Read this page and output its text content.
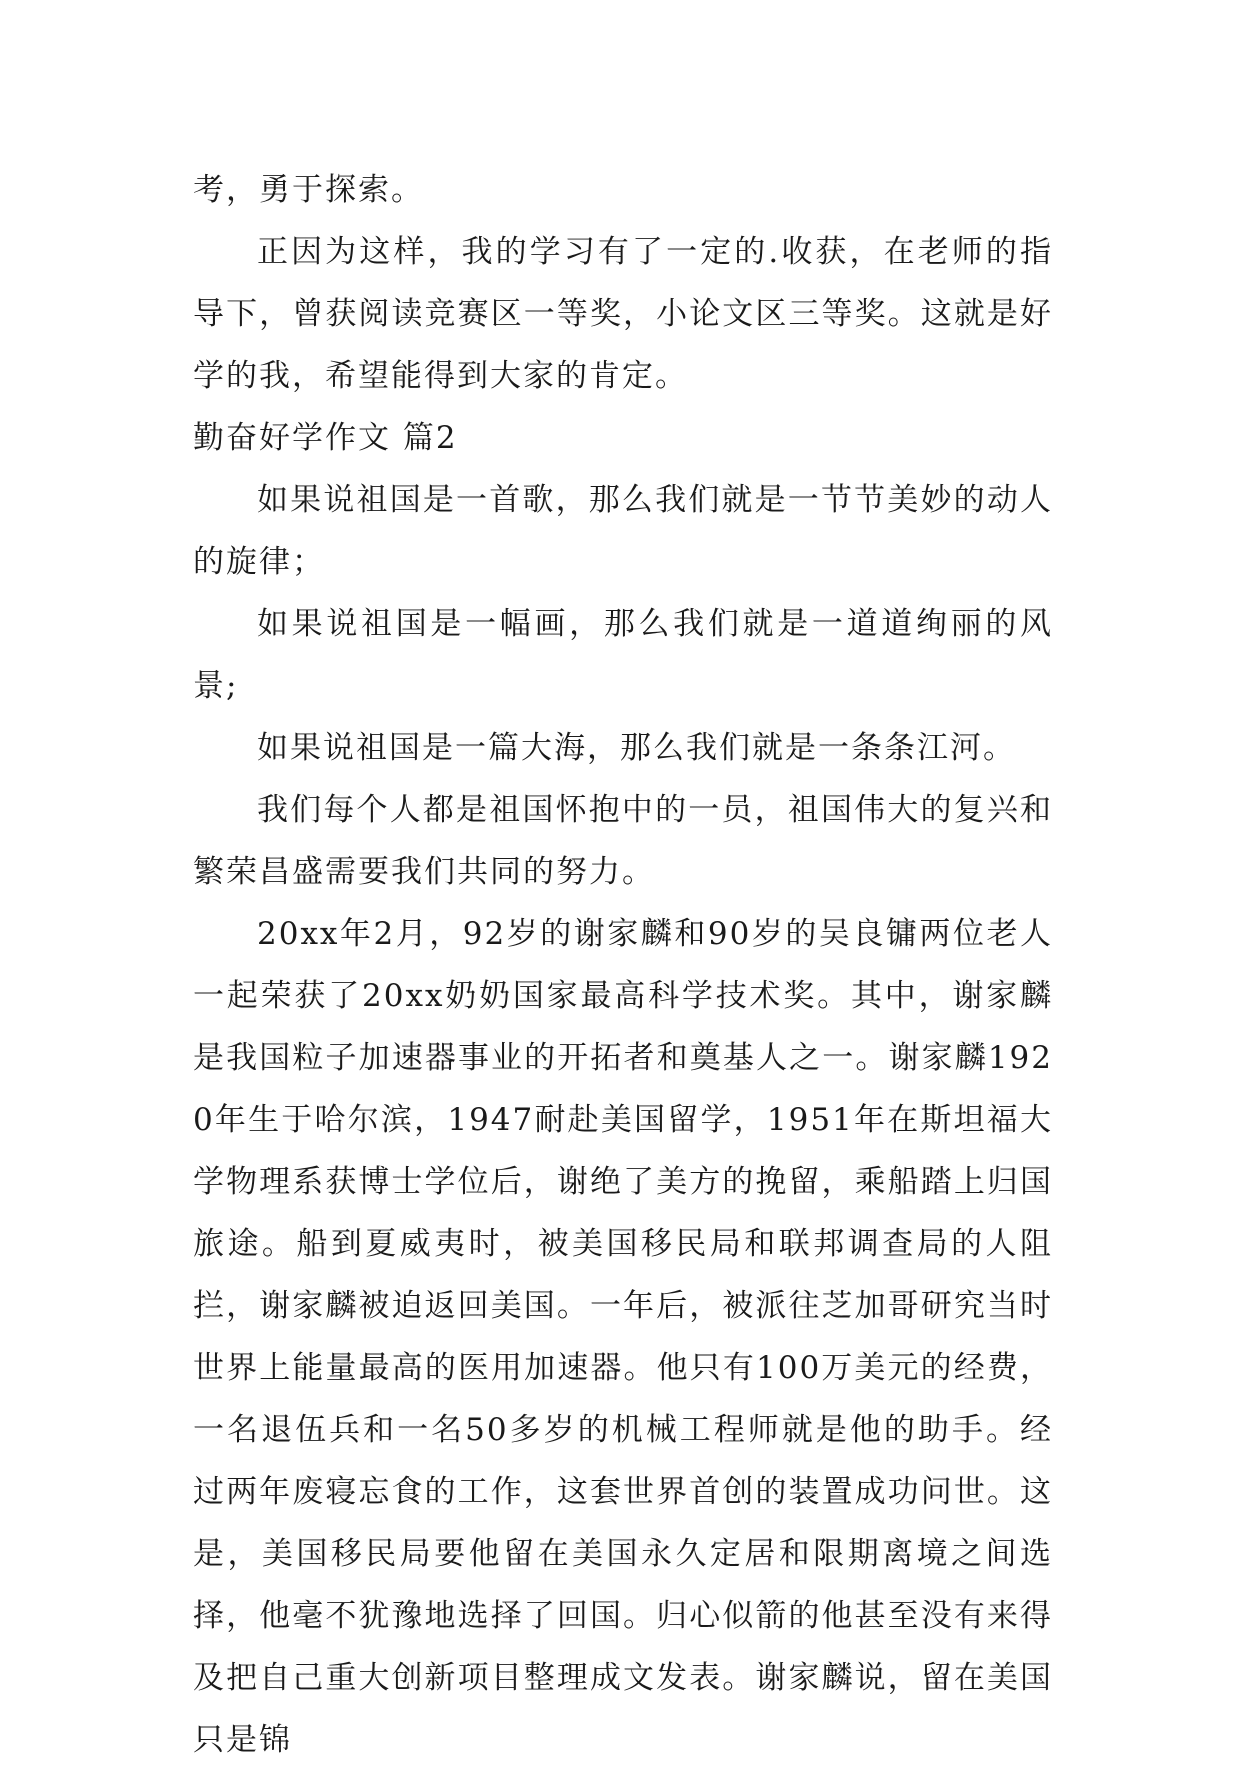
考，勇于探索。

正因为这样，我的学习有了一定的.收获，在老师的指导下，曾获阅读竞赛区一等奖，小论文区三等奖。这就是好学的我，希望能得到大家的肯定。

勤奋好学作文 篇2

如果说祖国是一首歌，那么我们就是一节节美妙的动人的旋律；

如果说祖国是一幅画，那么我们就是一道道绚丽的风景;

如果说祖国是一篇大海，那么我们就是一条条江河。

我们每个人都是祖国怀抱中的一员，祖国伟大的复兴和繁荣昌盛需要我们共同的努力。

20xx年2月，92岁的谢家麟和90岁的吴良镛两位老人一起荣获了20xx奶奶国家最高科学技术奖。其中，谢家麟是我国粒子加速器事业的开拓者和奠基人之一。谢家麟1920年生于哈尔滨，1947耐赴美国留学，1951年在斯坦福大学物理系获博士学位后，谢绝了美方的挽留，乘船踏上归国旅途。船到夏威夷时，被美国移民局和联邦调查局的人阻拦，谢家麟被迫返回美国。一年后，被派往芝加哥研究当时世界上能量最高的医用加速器。他只有100万美元的经费，一名退伍兵和一名50多岁的机械工程师就是他的助手。经过两年废寝忘食的工作，这套世界首创的装置成功问世。这是，美国移民局要他留在美国永久定居和限期离境之间选择，他毫不犹豫地选择了回国。归心似箭的他甚至没有来得及把自己重大创新项目整理成文发表。谢家麟说，留在美国只是锦
